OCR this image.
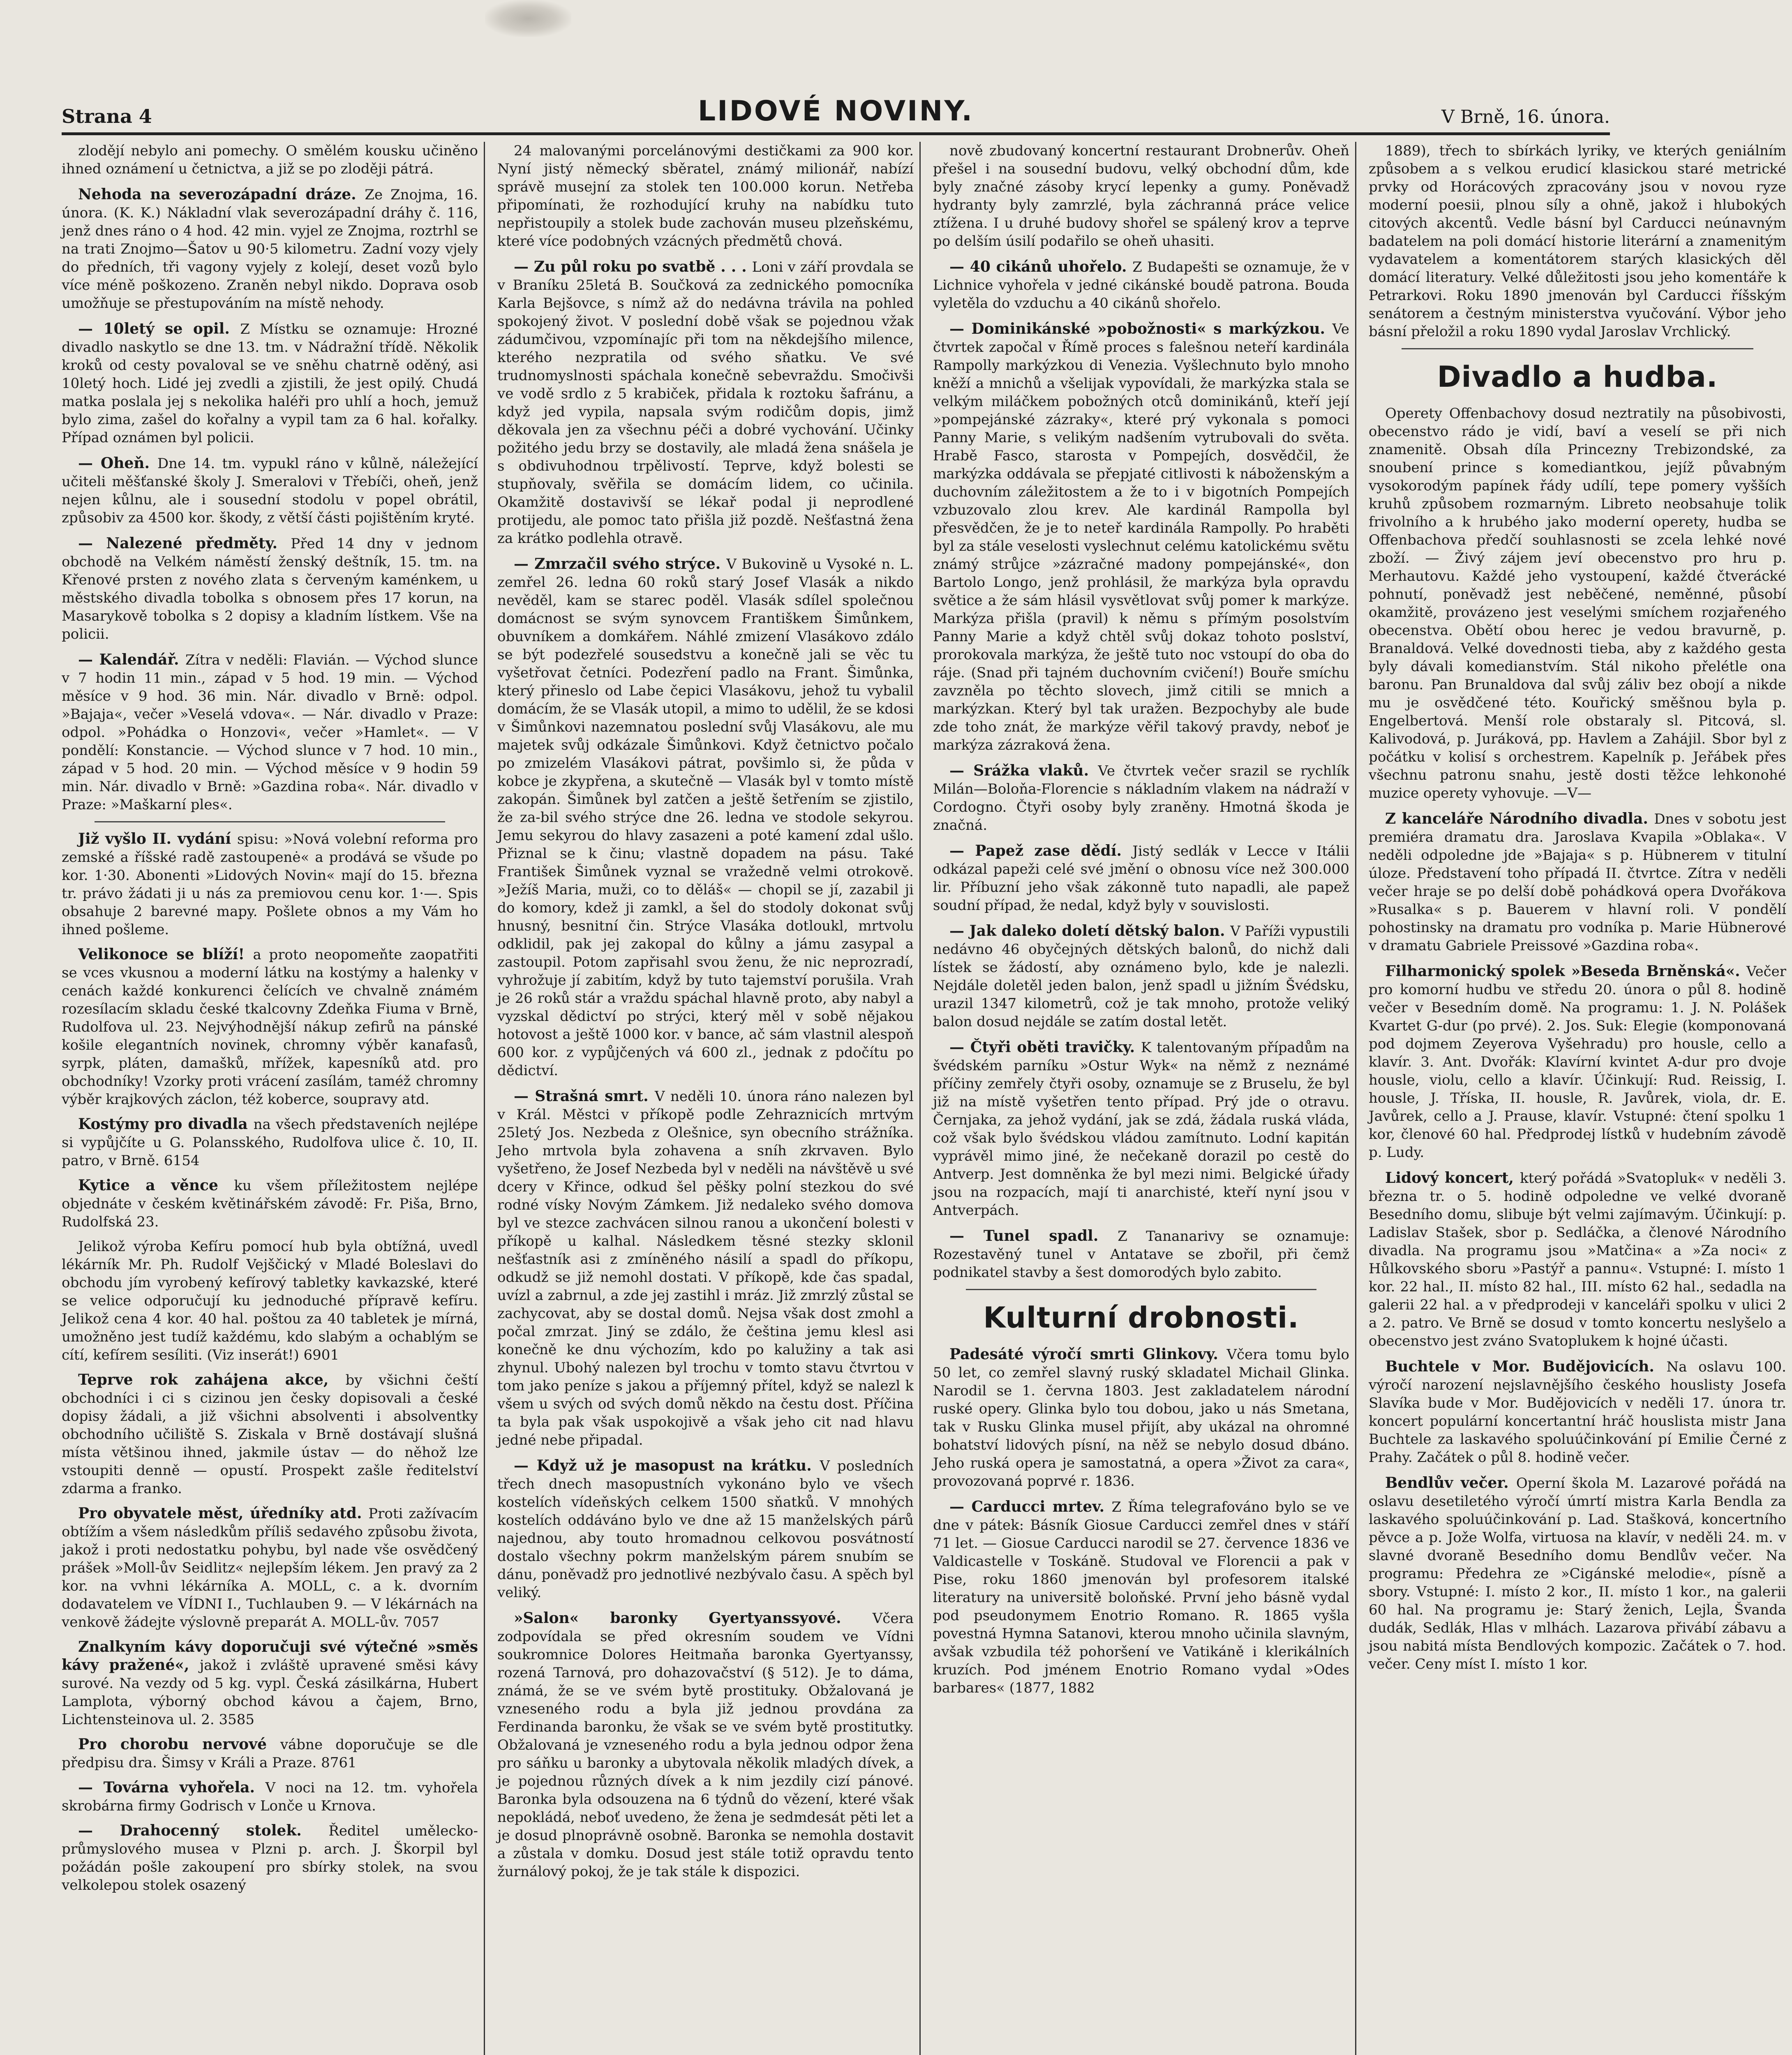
Strana 4	LIDOVÉ NOVINY.	V Brně, 16. února.

zlodějí nebylo ani pomechy. O smělém kousku učiněno ihned oznámení u četnictva, a již se po zloději pátrá.

Nehoda na severozápadní dráze. Ze Znojma, 16. února. (K. K.) Nákladní vlak severozápadní dráhy č. 116, jenž dnes ráno o 4 hod. 42 min. vyjel ze Znojma, roztrhl se na trati Znojmo—Šatov u 90·5 kilometru. Zadní vozy vjely do předních, tři vagony vyjely z kolejí, deset vozů bylo více méně poškozeno. Zraněn nebyl nikdo. Doprava osob umožňuje se přestupováním na místě nehody.

— 10letý se opil. Z Místku se oznamuje: Hrozné divadlo naskytlo se dne 13. tm. v Nádražní třídě. Několik kroků od cesty povaloval se ve sněhu chatrně oděný, asi 10letý hoch. Lidé jej zvedli a zjistili, že jest opilý. Chudá matka poslala jej s nekolika haléři pro uhlí a hoch, jemuž bylo zima, zašel do kořalny a vypil tam za 6 hal. kořalky. Případ oznámen byl policii.

— Oheň. Dne 14. tm. vypukl ráno v kůlně, náležející učiteli měšťanské školy J. Smeralovi v Třebíči, oheň, jenž nejen kůlnu, ale i sousední stodolu v popel obrátil, způsobiv za 4500 kor. škody, z větší části pojištěním kryté.

— Nalezené předměty. Před 14 dny v jednom obchodě na Velkém náměstí ženský deštník, 15. tm. na Křenové prsten z nového zlata s červeným kaménkem, u městského divadla tobolka s obnosem přes 17 korun, na Masarykově tobolka s 2 dopisy a kladním lístkem. Vše na policii.

— Kalendář. Zítra v neděli: Flavián. — Východ slunce v 7 hodin 11 min., západ v 5 hod. 19 min. — Východ měsíce v 9 hod. 36 min. Nár. divadlo v Brně: odpol. »Bajaja«, večer »Veselá vdova«. — Nár. divadlo v Praze: odpol. »Pohádka o Honzovi«, večer »Hamlet«. — V pondělí: Konstancie. — Východ slunce v 7 hod. 10 min., západ v 5 hod. 20 min. — Východ měsíce v 9 hodin 59 min. Nár. divadlo v Brně: »Gazdina roba«. Nár. divadlo v Praze: »Maškarní ples«.

Již vyšlo II. vydání spisu: »Nová volební reforma pro zemské a říšské radě zastoupenė« a prodává se všude po kor. 1·30. Abonenti »Lidových Novin« mají do 15. března tr. právo žádati ji u nás za premiovou cenu kor. 1·—. Spis obsahuje 2 barevné mapy. Pošlete obnos a my Vám ho ihned pošleme.

Velikonoce se blíží! a proto neopomeňte zaopatřiti se vces vkusnou a moderní látku na kostýmy a halenky v cenách každé konkurenci čelících ve chvalně známém rozesílacím skladu české tkalcovny Zdeňka Fiuma v Brně, Rudolfova ul. 23. Nejvýhodnější nákup zefirů na pánské košile elegantních novinek, chromny výběr kanafasů, syrpk, pláten, damašků, mřížek, kapesníků atd. pro obchodníky! Vzorky proti vrácení zasílám, taméž chromny výběr krajkových záclon, též koberce, soupravy atd.

Kostýmy pro divadla na všech představeních nejlépe si vypůjčíte u G. Polansského, Rudolfova ulice č. 10, II. patro, v Brně. 6154

Kytice a věnce ku všem příležitostem nejlépe objednáte v českém květinářském závodě: Fr. Piša, Brno, Rudolfská 23.

Jelikož výroba Kefíru pomocí hub byla obtížná, uvedl lékárník Mr. Ph. Rudolf Vejščický v Mladé Boleslavi do obchodu jím vyrobený kefírový tabletky kavkazské, které se velice odporučují ku jednoduché přípravě kefíru. Jelikož cena 4 kor. 40 hal. poštou za 40 tabletek je mírná, umožněno jest tudíž každému, kdo slabým a ochablým se cítí, kefírem sesíliti. (Viz inserát!) 6901

Teprve rok zahájena akce, by všichni čeští obchodníci i ci s cizinou jen česky dopisovali a české dopisy žádali, a již všichni absolventi i absolventky obchodního učiliště S. Ziskala v Brně dostávají slušná místa většinou ihned, jakmile ústav — do něhož lze vstoupiti denně — opustí. Prospekt zašle ředitelství zdarma a franko.

Pro obyvatele měst, úředníky atd. Proti zažívacím obtížím a všem následkům příliš sedavého způsobu života, jakož i proti nedostatku pohybu, byl nade vše osvědčený prášek »Moll-ův Seidlitz« nejlepším lékem. Jen pravý za 2 kor. na vvhni lékárníka A. MOLL, c. a k. dvorním dodavatelem ve VÍDNI I., Tuchlauben 9. — V lékárnách na venkově žádejte výslovně preparát A. MOLL-ův. 7057

Znalkyním kávy doporučuji své výtečné »směs kávy pražené«, jakož i zvláště upravené směsi kávy surové. Na vezdy od 5 kg. vypl. Česká zásilkárna, Hubert Lamplota, výborný obchod kávou a čajem, Brno, Lichtensteinova ul. 2. 3585

Pro chorobu nervové vábne doporučuje se dle předpisu dra. Šimsy v Králi a Praze. 8761

— Továrna vyhořela. V noci na 12. tm. vyhořela skrobárna firmy Godrisch v Lonče u Krnova.

— Drahocenný stolek. Ředitel umělecko-průmyslového musea v Plzni p. arch. J. Škorpil byl požádán pošle zakoupení pro sbírky stolek, na svou velkolepou stolek osazený

24 malovanými porcelánovými destičkami za 900 kor. Nyní jistý německý sběratel, známý milionář, nabízí správě musejní za stolek ten 100.000 korun. Netřeba připomínati, že rozhodující kruhy na nabídku tuto nepřistoupily a stolek bude zachován museu plzeňskému, které více podobných vzácných předmětů chová.

— Zu půl roku po svatbě . . . Loni v září provdala se v Braníku 25letá B. Součková za zednického pomocníka Karla Bejšovce, s nímž až do nedávna trávila na pohled spokojený život. V poslední době však se pojednou vžak zádumčivou, vzpomínajíc při tom na někdejšího milence, kterého nezpratila od svého sňatku. Ve své trudnomyslnosti spáchala konečně sebevraždu. Smočivši ve vodě srdlo z 5 krabiček, přidala k roztoku šafránu, a když jed vypila, napsala svým rodičům dopis, jimž děkovala jen za všechnu péči a dobré vychování. Učinky požitého jedu brzy se dostavily, ale mladá žena snášela je s obdivuhodnou trpělivostí. Teprve, když bolesti se stupňovaly, svěřila se domácím lidem, co učinila. Okamžitě dostavivší se lékař podal ji neprodlené protijedu, ale pomoc tato přišla již pozdě. Nešťastná žena za krátko podlehla otravě.

— Zmrzačil svého strýce. V Bukovině u Vysoké n. L. zemřel 26. ledna 60 roků starý Josef Vlasák a nikdo nevěděl, kam se starec poděl. Vlasák sdílel společnou domácnost se svým synovcem Františkem Šimůnkem, obuvníkem a domkářem. Náhlé zmizení Vlasákovo zdálo se být podezřelé sousedstvu a konečně jali se věc tu vyšetřovat četníci. Podezření padlo na Frant. Šimůnka, který přineslo od Labe čepici Vlasákovu, jehož tu vybalil domácím, že se Vlasák utopil, a mimo to udělil, že se kdosi v Šimůnkovi nazemnatou poslední svůj Vlasákovu, ale mu majetek svůj odkázale Šimůnkovi. Když četnictvo počalo po zmizelém Vlasákovi pátrat, povšimlo si, že půda v kobce je zkypřena, a skutečně — Vlasák byl v tomto místě zakopán. Šimůnek byl zatčen a ještě šetřením se zjistilo, že za-bil svého strýce dne 26. ledna ve stodole sekyrou. Jemu sekyrou do hlavy zasazeni a poté kamení zdal ušlo. Přiznal se k činu; vlastně dopadem na pásu. Také František Šimůnek vyznal se vražedně velmi otrokově. »Ježíš Maria, muži, co to děláš« — chopil se jí, zazabil ji do komory, kdež ji zamkl, a šel do stodoly dokonat svůj hnusný, besnitní čin. Strýce Vlasáka dotloukl, mrtvolu odklidil, pak jej zakopal do kůlny a jámu zasypal a zastoupil. Potom zapřisahl svou ženu, že nic neprozradí, vyhrožuje jí zabitím, když by tuto tajemství porušila. Vrah je 26 roků stár a vraždu spáchal hlavně proto, aby nabyl a vyzskal dědictví po strýci, který měl v sobě nějakou hotovost a ještě 1000 kor. v bance, ač sám vlastnil alespoň 600 kor. z vypůjčených vá 600 zl., jednak z pdočítu po dědictví.

— Strašná smrt. V neděli 10. února ráno nalezen byl v Král. Městci v příkopě podle Zehraznicích mrtvým 25letý Jos. Nezbeda z Olešnice, syn obecního strážníka. Jeho mrtvola byla zohavena a sníh zkrvaven. Bylo vyšetřeno, že Josef Nezbeda byl v neděli na návštěvě u své dcery v Křince, odkud šel pěšky polní stezkou do své rodné vísky Novým Zámkem. Již nedaleko svého domova byl ve stezce zachvácen silnou ranou a ukončení bolesti v příkopě u kalhal. Následkem těsné stezky sklonil nešťastník asi z zmíněného násilí a spadl do příkopu, odkudž se již nemohl dostati. V příkopě, kde čas spadal, uvízl a zabrnul, a zde jej zastihl i mráz. Již zmrzlý zůstal se zachycovat, aby se dostal domů. Nejsa však dost zmohl a počal zmrzat. Jiný se zdálo, že čeština jemu klesl asi konečně ke dnu výchozím, kdo po kalužiny a tak asi zhynul. Ubohý nalezen byl trochu v tomto stavu čtvrtou v tom jako peníze s jakou a příjemný přítel, když se nalezl k všem u svých od svých domů někdo na čestu dost. Příčina ta byla pak však uspokojivě a však jeho cit nad hlavu jedné nebe připadal.

— Když už je masopust na krátku. V posledních třech dnech masopustních vykonáno bylo ve všech kostelích vídeňských celkem 1500 sňatků. V mnohých kostelích oddáváno bylo ve dne až 15 manželských párů najednou, aby touto hromadnou celkovou posvátností dostalo všechny pokrm manželským párem snubím se dánu, poněvadž pro jednotlivé nezbývalo času. A spěch byl veliký.

»Salon« baronky Gyertyanssyové. Včera zodpovídala se před okresním soudem ve Vídni soukromnice Dolores Heitmaňa baronka Gyertyanssy, rozená Tarnová, pro dohazovačství (§ 512). Je to dáma, známá, že se ve svém bytě prostituky. Obžalovaná je vzneseného rodu a byla již jednou provdána za Ferdinanda baronku, že však se ve svém bytě prostitutky. Obžalovaná je vzneseného rodu a byla jednou odpor žena pro sáňku u baronky a ubytovala několik mladých dívek, a je pojednou různých dívek a k nim jezdily cizí pánové. Baronka byla odsouzena na 6 týdnů do vězení, které však nepokládá, neboť uvedeno, že žena je sedmdesát pěti let a je dosud plnoprávně osobně. Baronka se nemohla dostavit a zůstala v domku. Dosud jest stále totiž opravdu tento žurnálový pokoj, že je tak stále k dispozici.

nově zbudovaný koncertní restaurant Drobnerův. Oheň přešel i na sousední budovu, velký obchodní dům, kde byly značné zásoby krycí lepenky a gumy. Poněvadž hydranty byly zamrzlé, byla záchranná práce velice ztížena. I u druhé budovy shořel se spálený krov a teprve po delším úsilí podařilo se oheň uhasiti.

— 40 cikánů uhořelo. Z Budapešti se oznamuje, že v Lichnice vyhořela v jedné cikánské boudě patrona. Bouda vyletěla do vzduchu a 40 cikánů shořelo.

— Dominikánské »pobožnosti« s markýzkou. Ve čtvrtek započal v Římě proces s falešnou neteří kardinála Rampolly markýzkou di Venezia. Vyšlechnuto bylo mnoho kněží a mnichů a všelijak vypovídali, že markýzka stala se velkým miláčkem pobožných otců dominikánů, kteří její »pompejánské zázraky«, které prý vykonala s pomoci Panny Marie, s velikým nadšením vytrubovali do světa. Hrabě Fasco, starosta v Pompejích, dosvědčil, že markýzka oddávala se přepjaté citlivosti k náboženským a duchovním záležitostem a že to i v bigotních Pompejích vzbuzovalo zlou krev. Ale kardinál Rampolla byl přesvědčen, že je to neteř kardinála Rampolly. Po hraběti byl za stále veselosti vyslechnut celému katolickému světu známý strůjce »zázračné madony pompejánské«, don Bartolo Longo, jenž prohlásil, že markýza byla opravdu světice a že sám hlásil vysvětlovat svůj pomer k markýze. Markýza přišla (pravil) k němu s přímým posolstvím Panny Marie a když chtěl svůj dokaz tohoto poslství, prorokovala markýza, že ještě tuto noc vstoupí do oba do ráje. (Snad při tajném duchovním cvičení!) Bouře smíchu zavzněla po těchto slovech, jimž citili se mnich a markýzkan. Který byl tak uražen. Bezpochyby ale bude zde toho znát, že markýze věřil takový pravdy, neboť je markýza zázraková žena.

— Srážka vlaků. Ve čtvrtek večer srazil se rychlík Milán—Boloňa-Florencie s nákladním vlakem na nádraží v Cordogno. Čtyři osoby byly zraněny. Hmotná škoda je značná.

— Papež zase dědí. Jistý sedlák v Lecce v Itálii odkázal papeži celé své jmění o obnosu více než 300.000 lir. Příbuzní jeho však zákonně tuto napadli, ale papež soudní případ, že nedal, když byly v souvislosti.

— Jak daleko doletí dětský balon. V Paříži vypustili nedávno 46 obyčejných dětských balonů, do nichž dali lístek se žádostí, aby oznámeno bylo, kde je nalezli. Nejdále doletěl jeden balon, jenž spadl u jižním Švédsku, urazil 1347 kilometrů, což je tak mnoho, protože veliký balon dosud nejdále se zatím dostal letět.

— Čtyři oběti travičky. K talentovaným případům na švédském parníku »Ostur Wyk« na němž z neznámé příčiny zemřely čtyři osoby, oznamuje se z Bruselu, že byl již na místě vyšetřen tento případ. Prý jde o otravu. Černjaka, za jehož vydání, jak se zdá, žádala ruská vláda, což však bylo švédskou vládou zamítnuto. Lodní kapitán vyprávěl mimo jiné, že nečekaně dorazil po cestě do Antverp. Jest domněnka že byl mezi nimi. Belgické úřady jsou na rozpacích, mají ti anarchisté, kteří nyní jsou v Antverpách.

— Tunel spadl. Z Tananarivy se oznamuje: Rozestavěný tunel v Antatave se zbořil, při čemž podnikatel stavby a šest domorodých bylo zabito.

Kulturní drobnosti.

Padesáté výročí smrti Glinkovy. Včera tomu bylo 50 let, co zemřel slavný ruský skladatel Michail Glinka. Narodil se 1. června 1803. Jest zakladatelem národní ruské opery. Glinka bylo tou dobou, jako u nás Smetana, tak v Rusku Glinka musel přijít, aby ukázal na ohromné bohatství lidových písní, na něž se nebylo dosud dbáno. Jeho ruská opera je samostatná, a opera »Život za cara«, provozovaná poprvé r. 1836.

— Carducci mrtev. Z Říma telegrafováno bylo se ve dne v pátek: Básník Giosue Carducci zemřel dnes v stáří 71 let. — Giosue Carducci narodil se 27. července 1836 ve Valdicastelle v Toskáně. Studoval ve Florencii a pak v Pise, roku 1860 jmenován byl profesorem italské literatury na universitě boloňské. První jeho básně vydal pod pseudonymem Enotrio Romano. R. 1865 vyšla povestná Hymna Satanovi, kterou mnoho učinila slavným, avšak vzbudila též pohoršení ve Vatikáně i klerikálních kruzích. Pod jménem Enotrio Romano vydal »Odes barbares« (1877, 1882

1889), třech to sbírkách lyriky, ve kterých geniálním způsobem a s velkou erudicí klasickou staré metrické prvky od Horácových zpracovány jsou v novou ryze moderní poesii, plnou síly a ohně, jakož i hlubokých citových akcentů. Vedle básní byl Carducci neúnavným badatelem na poli domácí historie literární a znamenitým vydavatelem a komentátorem starých klasických děl domácí literatury. Velké důležitosti jsou jeho komentáře k Petrarkovi. Roku 1890 jmenován byl Carducci říšským senátorem a čestným ministerstva vyučování. Výbor jeho básní přeložil a roku 1890 vydal Jaroslav Vrchlický.

Divadlo a hudba.

Operety Offenbachovy dosud neztratily na působivosti, obecenstvo rádo je vidí, baví a veselí se při nich znamenitě. Obsah díla Princezny Trebizondské, za snoubení prince s komediantkou, jejíž půvabným vysokorodým papínek řády udílí, tepe pomery vyšších kruhů způsobem rozmarným. Libreto neobsahuje tolik frivolního a k hrubého jako moderní operety, hudba se Offenbachova předčí souhlasnosti se zcela lehké nové zboží. — Živý zájem jeví obecenstvo pro hru p. Merhautovu. Každé jeho vystoupení, každé čtverácké pohnutí, poněvadž jest neběčené, neměnné, působí okamžitě, provázeno jest veselými smíchem rozjařeného obecenstva. Obětí obou herec je vedou bravurně, p. Branaldová. Velké dovednosti tieba, aby z každého gesta byly dávali komedianstvím. Stál nikoho přelétle ona baronu. Pan Brunaldova dal svůj záliv bez obojí a nikde mu je osvědčené této. Kouřický směšnou byla p. Engelbertová. Menší role obstaraly sl. Pitcová, sl. Kalivodová, p. Juráková, pp. Havlem a Zahájil. Sbor byl z počátku v kolisí s orchestrem. Kapelník p. Jeřábek přes všechnu patronu snahu, jestě dosti těžce lehkonohé muzice operety vyhovuje. —V—

Z kanceláře Národního divadla. Dnes v sobotu jest premiéra dramatu dra. Jaroslava Kvapila »Oblaka«. V neděli odpoledne jde »Bajaja« s p. Hübnerem v titulní úloze. Představení toho případá II. čtvrtce. Zítra v neděli večer hraje se po delší době pohádková opera Dvořákova »Rusalka« s p. Bauerem v hlavní roli. V pondělí pohostinsky na dramatu pro vodníka p. Marie Hübnerové v dramatu Gabriele Preissové »Gazdina roba«.

Filharmonický spolek »Beseda Brněnská«. Večer pro komorní hudbu ve středu 20. února o půl 8. hodině večer v Besedním domě. Na programu: 1. J. N. Polášek Kvartet G-dur (po prvé). 2. Jos. Suk: Elegie (komponovaná pod dojmem Zeyerova Vyšehradu) pro housle, cello a klavír. 3. Ant. Dvořák: Klavírní kvintet A-dur pro dvoje housle, violu, cello a klavír. Účinkují: Rud. Reissig, I. housle, J. Tříska, II. housle, R. Javůrek, viola, dr. E. Javůrek, cello a J. Prause, klavír. Vstupné: čtení spolku 1 kor, členové 60 hal. Předprodej lístků v hudebním závodě p. Ludy.

Lidový koncert, který pořádá »Svatopluk« v neděli 3. března tr. o 5. hodině odpoledne ve velké dvoraně Besedního domu, slibuje být velmi zajímavým. Účinkují: p. Ladislav Stašek, sbor p. Sedláčka, a členové Národního divadla. Na programu jsou »Matčina« a »Za noci« z Hůlkovského sboru »Pastýř a pannu«. Vstupné: I. místo 1 kor. 22 hal., II. místo 82 hal., III. místo 62 hal., sedadla na galerii 22 hal. a v předprodeji v kanceláři spolku v ulici 2 a 2. patro. Ve Brně se dosud v tomto koncertu neslyšelo a obecenstvo jest zváno Svatoplukem k hojné účasti.

Buchtele v Mor. Budějovicích. Na oslavu 100. výročí narození nejslavnějšího českého houslisty Josefa Slavíka bude v Mor. Budějovicích v neděli 17. února tr. koncert populární koncertantní hráč houslista mistr Jana Buchtele za laskavého spoluúčinkování pí Emilie Černé z Prahy. Začátek o půl 8. hodině večer.

Bendlův večer. Operní škola M. Lazarové pořádá na oslavu desetiletého výročí úmrtí mistra Karla Bendla za laskavého spoluúčinkování p. Lad. Stašková, koncertního pěvce a p. Jože Wolfa, virtuosa na klavír, v neděli 24. m. v slavné dvoraně Besedního domu Bendlův večer. Na programu: Předehra ze »Cigánské melodie«, písně a sbory. Vstupné: I. místo 2 kor., II. místo 1 kor., na galerii 60 hal. Na programu je: Starý ženich, Lejla, Švanda dudák, Sedlák, Hlas v mlhách. Lazarova přivábí zábavu a jsou nabitá místa Bendlových kompozic. Začátek o 7. hod. večer. Ceny míst I. místo 1 kor.
